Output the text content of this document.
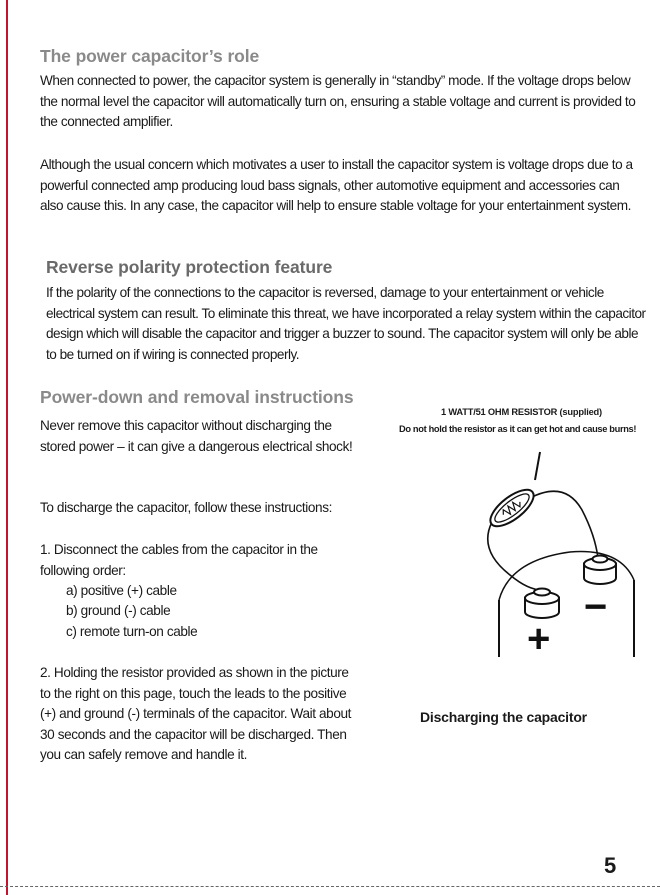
The power capacitor’s role

When connected to power, the capacitor system is generally in “standby” mode. If the voltage drops below the normal level the capacitor will automatically turn on, ensuring a stable voltage and current is provided to the connected amplifier.

Although the usual concern which motivates a user to install the capacitor system is voltage drops due to a powerful connected amp producing loud bass signals, other automotive equipment and accessories can also cause this. In any case, the capacitor will help to ensure stable voltage for your entertainment system.

Reverse polarity protection feature

If the polarity of the connections to the capacitor is reversed, damage to your entertainment or vehicle electrical system can result. To eliminate this threat, we have incorporated a relay system within the capacitor design which will disable the capacitor and trigger a buzzer to sound. The capacitor system will only be able to be turned on if wiring is connected properly.

Power-down and removal instructions

Never remove this capacitor without discharging the stored power – it can give a dangerous electrical shock!

To discharge the capacitor, follow these instructions:

1. Disconnect the cables from the capacitor in the following order:

a) positive (+) cable

b) ground (-) cable

c) remote turn-on cable

2. Holding the resistor provided as shown in the picture to the right on this page, touch the leads to the positive (+) and ground (-) terminals of the capacitor. Wait about 30 seconds and the capacitor will be discharged. Then you can safely remove and handle it.

1 WATT/51 OHM RESISTOR (supplied)
Do not hold the resistor as it can get hot and cause burns!
+
−
Discharging the capacitor
5
